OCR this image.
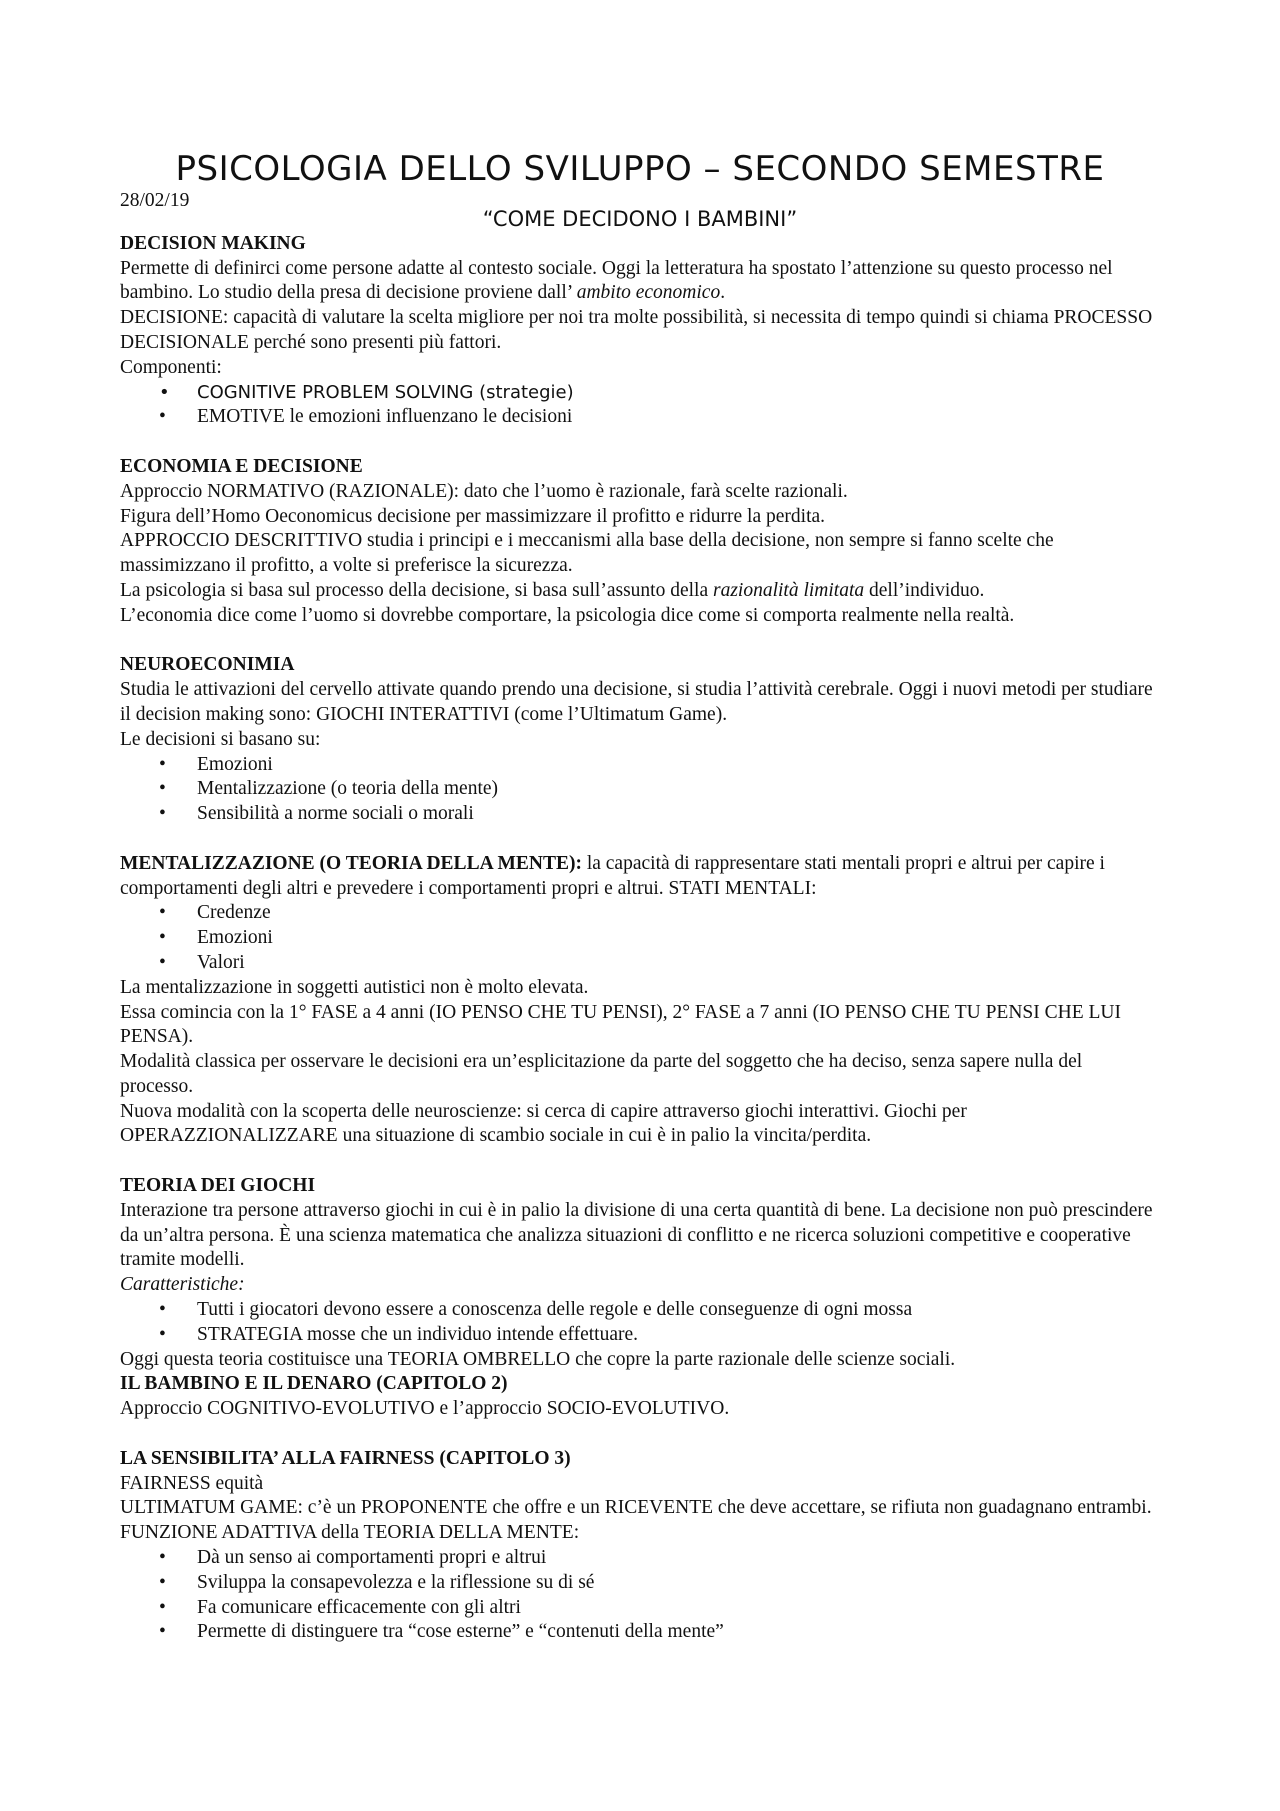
PSICOLOGIA DELLO SVILUPPO – SECONDO SEMESTRE
28/02/19
“COME DECIDONO I BAMBINI”
DECISION MAKING

Permette di definirci come persone adatte al contesto sociale. Oggi la letteratura ha spostato l’attenzione su questo processo nel bambino. Lo studio della presa di decisione proviene dall’ ambito economico.

DECISIONE: capacità di valutare la scelta migliore per noi tra molte possibilità, si necessita di tempo quindi si chiama PROCESSO DECISIONALE perché sono presenti più fattori.

Componenti:

• COGNITIVE PROBLEM SOLVING (strategie)
• EMOTIVE le emozioni influenzano le decisioni
ECONOMIA E DECISIONE

Approccio NORMATIVO (RAZIONALE): dato che l’uomo è razionale, farà scelte razionali.

Figura dell’Homo Oeconomicus decisione per massimizzare il profitto e ridurre la perdita.

APPROCCIO DESCRITTIVO studia i principi e i meccanismi alla base della decisione, non sempre si fanno scelte che massimizzano il profitto, a volte si preferisce la sicurezza.

La psicologia si basa sul processo della decisione, si basa sull’assunto della razionalità limitata dell’individuo.

L’economia dice come l’uomo si dovrebbe comportare, la psicologia dice come si comporta realmente nella realtà.

NEUROECONIMIA

Studia le attivazioni del cervello attivate quando prendo una decisione, si studia l’attività cerebrale. Oggi i nuovi metodi per studiare il decision making sono: GIOCHI INTERATTIVI (come l’Ultimatum Game).

Le decisioni si basano su:

• Emozioni
• Mentalizzazione (o teoria della mente)
• Sensibilità a norme sociali o morali

MENTALIZZAZIONE (O TEORIA DELLA MENTE): la capacità di rappresentare stati mentali propri e altrui per capire i comportamenti degli altri e prevedere i comportamenti propri e altrui. STATI MENTALI:

• Credenze
• Emozioni
• Valori

La mentalizzazione in soggetti autistici non è molto elevata.

Essa comincia con la 1° FASE a 4 anni (IO PENSO CHE TU PENSI), 2° FASE a 7 anni (IO PENSO CHE TU PENSI CHE LUI PENSA).

Modalità classica per osservare le decisioni era un’esplicitazione da parte del soggetto che ha deciso, senza sapere nulla del processo.

Nuova modalità con la scoperta delle neuroscienze: si cerca di capire attraverso giochi interattivi. Giochi per OPERAZZIONALIZZARE una situazione di scambio sociale in cui è in palio la vincita/perdita.

TEORIA DEI GIOCHI

Interazione tra persone attraverso giochi in cui è in palio la divisione di una certa quantità di bene. La decisione non può prescindere da un’altra persona. È una scienza matematica che analizza situazioni di conflitto e ne ricerca soluzioni competitive e cooperative tramite modelli.

Caratteristiche:

• Tutti i giocatori devono essere a conoscenza delle regole e delle conseguenze di ogni mossa
• STRATEGIA mosse che un individuo intende effettuare.

Oggi questa teoria costituisce una TEORIA OMBRELLO che copre la parte razionale delle scienze sociali.

IL BAMBINO E IL DENARO (CAPITOLO 2)

Approccio COGNITIVO-EVOLUTIVO e l’approccio SOCIO-EVOLUTIVO.

LA SENSIBILITA’ ALLA FAIRNESS (CAPITOLO 3)

FAIRNESS equità

ULTIMATUM GAME: c’è un PROPONENTE che offre e un RICEVENTE che deve accettare, se rifiuta non guadagnano entrambi.

FUNZIONE ADATTIVA della TEORIA DELLA MENTE:

• Dà un senso ai comportamenti propri e altrui
• Sviluppa la consapevolezza e la riflessione su di sé
• Fa comunicare efficacemente con gli altri
• Permette di distinguere tra “cose esterne” e “contenuti della mente”
